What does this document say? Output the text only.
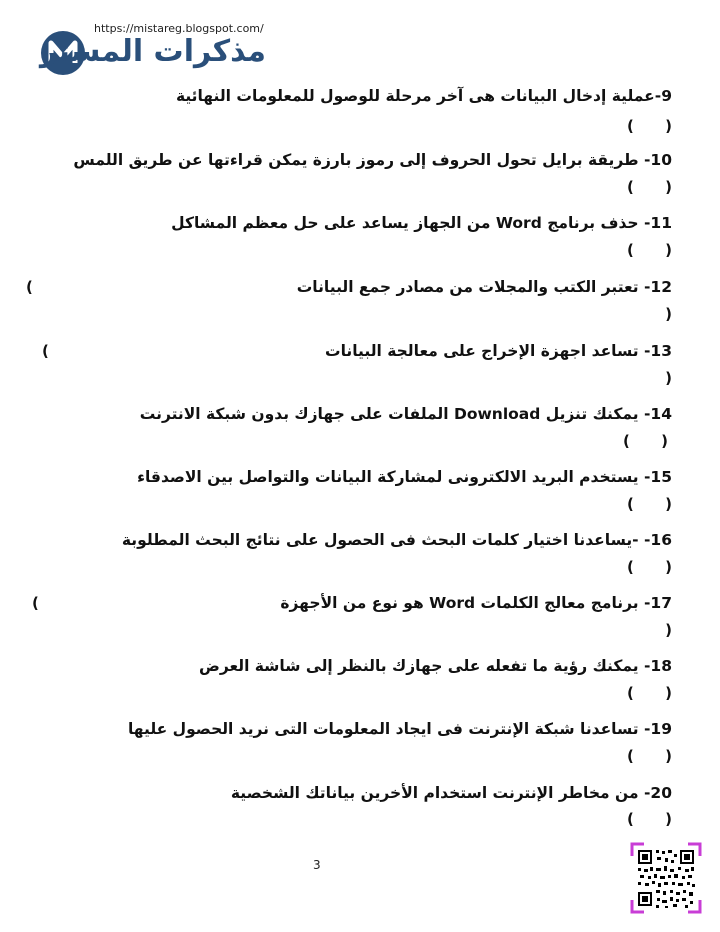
https://mistareg.blogspot.com/
مذكرات المستر
9-عملية إدخال البيانات هى آخر مرحلة للوصول للمعلومات النهائية
(      )
10- طريقة برايل تحول الحروف إلى رموز بارزة يمكن قراءتها عن طريق اللمس
(      )
11- حذف برنامج Word من الجهاز يساعد على حل معظم المشاكل
(      )
12- تعتبر الكتب والمجلات من مصادر جمع البيانات
(
)
13- تساعد اجهزة الإخراج على معالجة البيانات
(
)
14- يمكنك تنزيل Download الملفات على جهازك بدون شبكة الانترنت
(      )
15- يستخدم البريد الالكترونى لمشاركة البيانات والتواصل بين الاصدقاء
(      )
16- -يساعدنا اختيار كلمات البحث فى الحصول على نتائج البحث المطلوبة
(      )
17- برنامج معالج الكلمات Word هو نوع من الأجهزة
(
)
18- يمكنك رؤية ما تفعله على جهازك بالنظر إلى شاشة العرض
(      )
19- تساعدنا شبكة الإنترنت فى ايجاد المعلومات التى نريد الحصول عليها
(      )
20- من مخاطر الإنترنت استخدام الأخرين بياناتك الشخصية
(      )
3
